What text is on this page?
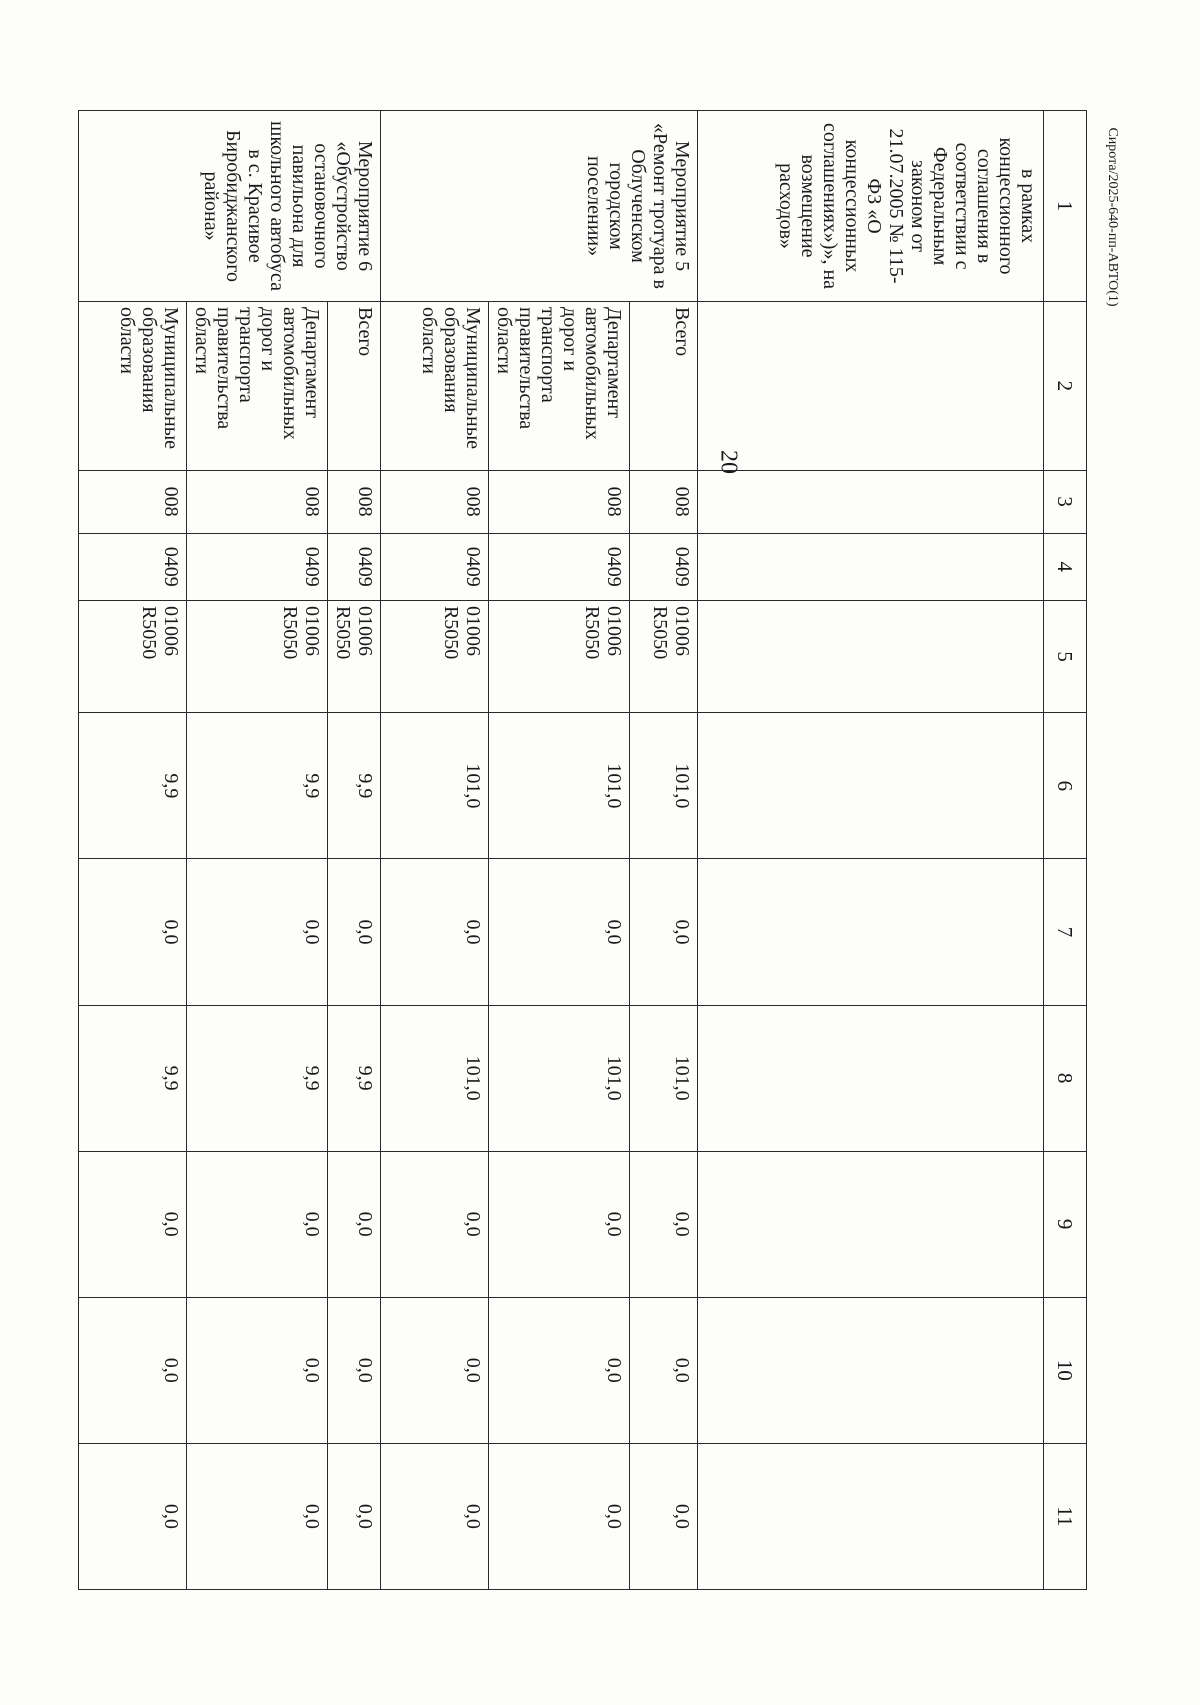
20
Сирота/2025-640-пп-АВТО(1)
1	2	3	4	5	6	7	8	9	10	11
в рамках концессионного соглашения в соответствии с Федеральным законом от 21.07.2005 № 115-ФЗ «О концессионных соглашениях»)», на возмещение расходов»										
Мероприятие 5 «Ремонт тротуара в Облученском городском поселении»	Всего	008	0409	01006 R5050	101,0	0,0	101,0	0,0	0,0	0,0
	Департамент автомобильных дорог и транспорта правительства области	008	0409	01006 R5050	101,0	0,0	101,0	0,0	0,0	0,0
	Муниципальные образования области	008	0409	01006 R5050	101,0	0,0	101,0	0,0	0,0	0,0
Мероприятие 6 «Обустройство остановочного павильона для школьного автобуса в с. Красивое Биробиджанского района»	Всего	008	0409	01006 R5050	9,9	0,0	9,9	0,0	0,0	0,0
	Департамент автомобильных дорог и транспорта правительства области	008	0409	01006 R5050	9,9	0,0	9,9	0,0	0,0	0,0
	Муниципальные образования области	008	0409	01006 R5050	9,9	0,0	9,9	0,0	0,0	0,0
